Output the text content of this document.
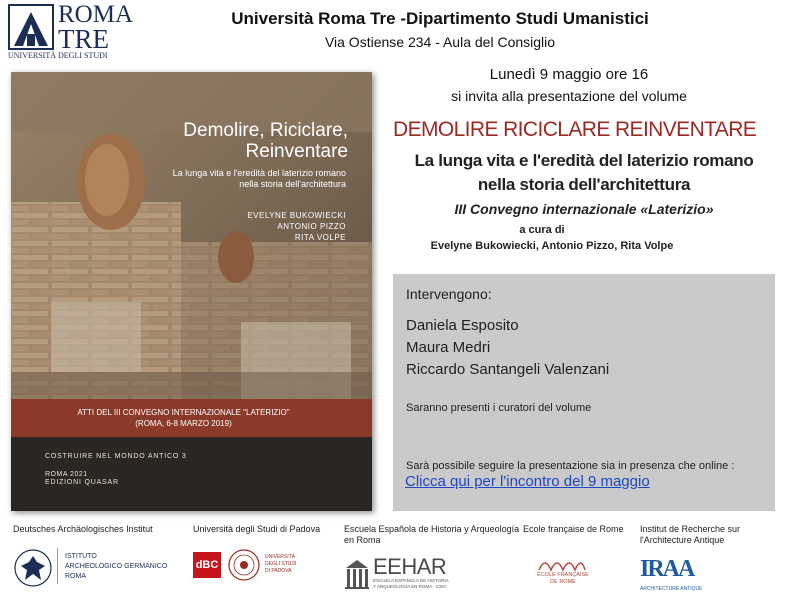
ROMA
TRE
UNIVERSITÀ DEGLI STUDI
Università Roma Tre -Dipartimento Studi Umanistici
Via Ostiense 234 - Aula del Consiglio
Demolire, Riciclare,
Reinventare
La lunga vita e l'eredità del laterizio romano
nella storia dell'architettura
EVELYNE BUKOWIECKI
ANTONIO PIZZO
RITA VOLPE
ATTI DEL III CONVEGNO INTERNAZIONALE "LATERIZIO"
(ROMA, 6-8 MARZO 2019)
COSTRUIRE NEL MONDO ANTICO 3
ROMA 2021
EDIZIONI QUASAR
Lunedì 9 maggio ore 16
si invita alla presentazione del volume
DEMOLIRE RICICLARE REINVENTARE
La lunga vita e l'eredità del laterizio romano
nella storia dell'architettura
III Convegno internazionale «Laterizio»
a cura di
Evelyne Bukowiecki, Antonio Pizzo, Rita Volpe
Intervengono:
Daniela Esposito
Maura Medri
Riccardo Santangeli Valenzani
Saranno presenti i curatori del volume
Sarà possibile seguire la presentazione sia in presenza che online :
Clicca qui per l'incontro del 9 maggio
Deutsches Archäologisches Institut
ISTITUTO
ARCHEOLOGICO GERMANICO
ROMA
Università degli Studi di Padova
dBC
UNIVERSITÀ
DEGLI STUDI
DI PADOVA
Escuela Española de Historia y Arqueología
en Roma
EEHAR
ESCUELA ESPAÑOLA DE HISTORIA
Y ARQUEOLOGÍA EN ROMA - CSIC
Ecole française de Rome
ÉCOLE FRANÇAISE
DE ROME
Institut de Recherche sur
l'Architecture Antique
IRAA
ARCHITECTURE ANTIQUE
